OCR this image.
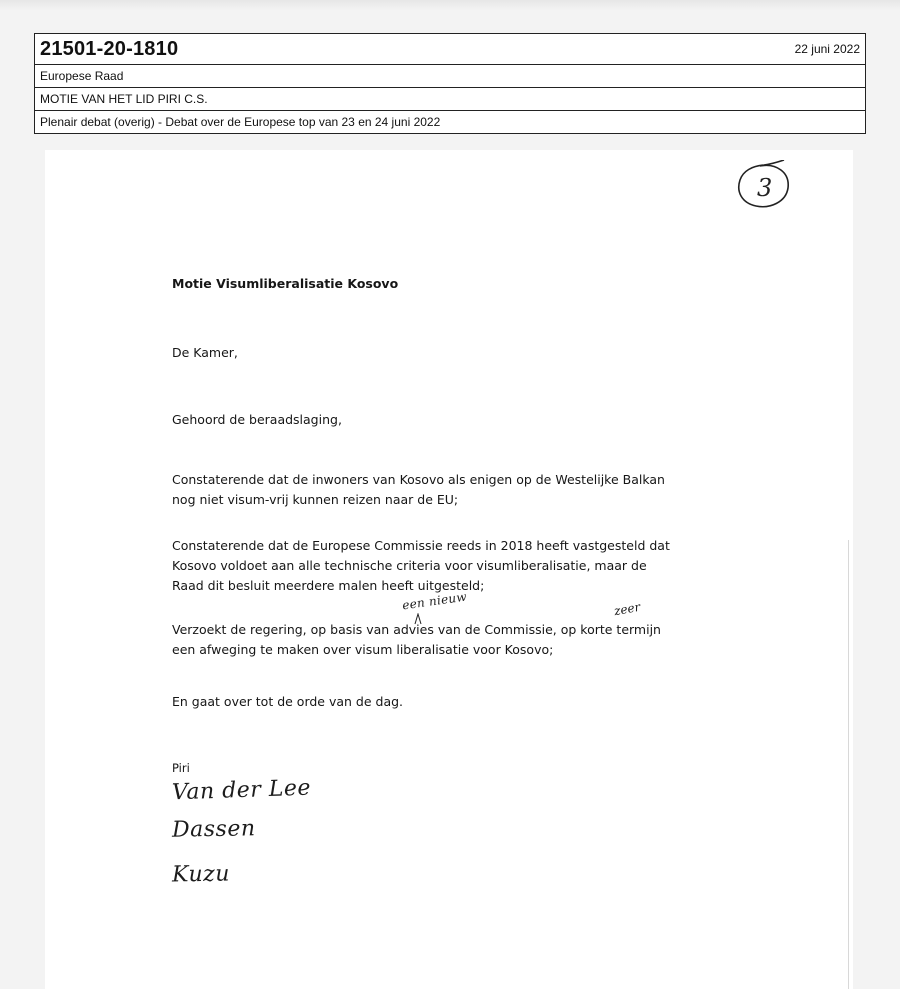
21501-20-1810	22 juni 2022
Europese Raad
MOTIE VAN HET LID PIRI C.S.
Plenair debat (overig) - Debat over de Europese top van 23 en 24 juni 2022
3
Motie Visumliberalisatie Kosovo
De Kamer,
Gehoord de beraadslaging,
Constaterende dat de inwoners van Kosovo als enigen op de Westelijke Balkan
nog niet visum-vrij kunnen reizen naar de EU;
Constaterende dat de Europese Commissie reeds in 2018 heeft vastgesteld dat
Kosovo voldoet aan alle technische criteria voor visumliberalisatie, maar de
Raad dit besluit meerdere malen heeft uitgesteld;
een nieuw	zeer
Verzoekt de regering, op basis van advies van de Commissie, op korte termijn
een afweging te maken over visum liberalisatie voor Kosovo;
En gaat over tot de orde van de dag.
Piri
Van der Lee
Dassen
Kuzu
